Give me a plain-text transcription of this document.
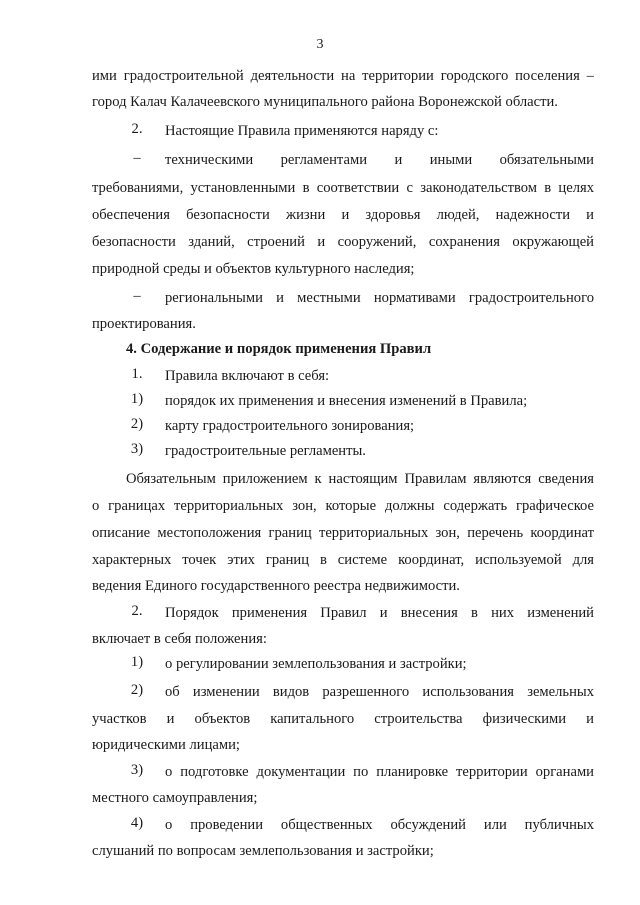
3
ими градостроительной деятельности на территории городского поселения –
город Калач Калачеевского муниципального района Воронежской области.
2.	Настоящие Правила применяются наряду с:
–	техническими регламентами и иными обязательными
требованиями, установленными в соответствии с законодательством в целях
обеспечения безопасности жизни и здоровья людей, надежности и
безопасности зданий, строений и сооружений, сохранения окружающей
природной среды и объектов культурного наследия;
–	региональными и местными нормативами градостроительного
проектирования.
4. Содержание и порядок применения Правил
1.	Правила включают в себя:
1)	порядок их применения и внесения изменений в Правила;
2)	карту градостроительного зонирования;
3)	градостроительные регламенты.
Обязательным приложением к настоящим Правилам являются сведения
о границах территориальных зон, которые должны содержать графическое
описание местоположения границ территориальных зон, перечень координат
характерных точек этих границ в системе координат, используемой для
ведения Единого государственного реестра недвижимости.
2.	Порядок применения Правил и внесения в них изменений
включает в себя положения:
1)	о регулировании землепользования и застройки;
2)	об изменении видов разрешенного использования земельных
участков и объектов капитального строительства физическими и
юридическими лицами;
3)	о подготовке документации по планировке территории органами
местного самоуправления;
4)	о проведении общественных обсуждений или публичных
слушаний по вопросам землепользования и застройки;
